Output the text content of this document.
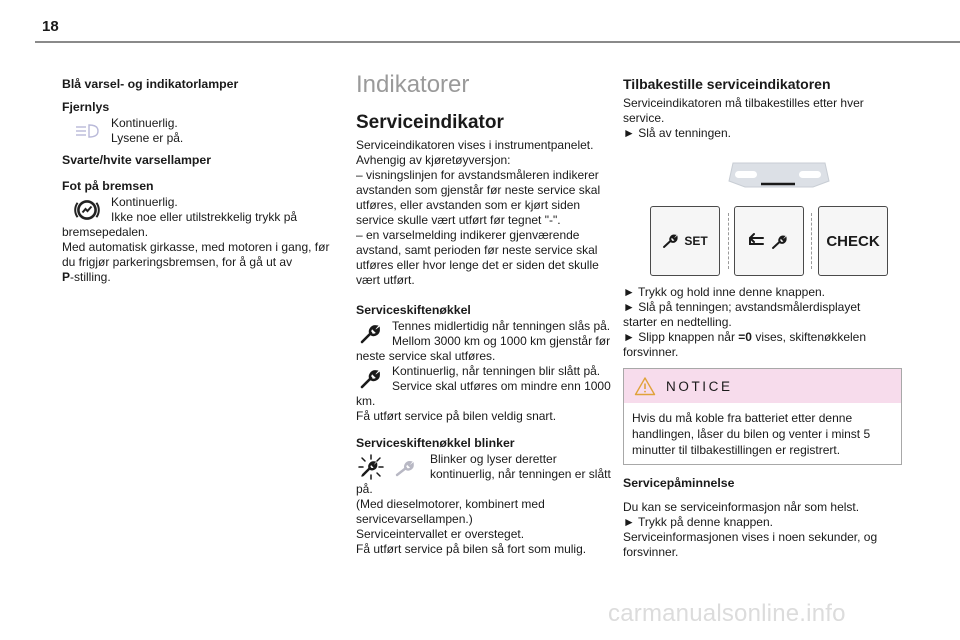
18
Blå varsel- og indikatorlamper
Fjernlys

Kontinuerlig.

Lysene er på.

Svarte/hvite varsellamper
Fot på bremsen

Kontinuerlig.

Ikke noe eller utilstrekkelig trykk på

bremsepedalen.

Med automatisk girkasse, med motoren i gang, før du frigjør parkeringsbremsen, for å gå ut av
P-stilling.

Indikatorer
Serviceindikator

Serviceindikatoren vises i instrumentpanelet. Avhengig av kjøretøyversjon:

– visningslinjen for avstandsmåleren indikerer avstanden som gjenstår før neste service skal utføres, eller avstanden som er kjørt siden service skulle vært utført før tegnet "-".

– en varselmelding indikerer gjenværende avstand, samt perioden før neste service skal utføres eller hvor lenge det er siden det skulle vært utført.

Serviceskiftenøkkel

Tennes midlertidig når tenningen slås på. Mellom 3000 km og 1000 km gjenstår før neste service skal utføres.

Kontinuerlig, når tenningen blir slått på. Service skal utføres om mindre enn 1000 km.

Få utført service på bilen veldig snart.

Serviceskiftenøkkel blinker

Blinker og lyser deretter kontinuerlig, når tenningen er slått på.

(Med dieselmotorer, kombinert med servicevarsellampen.)

Serviceintervallet er oversteget.

Få utført service på bilen så fort som mulig.

Tilbakestille serviceindikatoren

Serviceindikatoren må tilbakestilles etter hver service.

► Slå av tenningen.

SET	CHECK

► Trykk og hold inne denne knappen.

► Slå på tenningen; avstandsmålerdisplayet starter en nedtelling.

► Slipp knappen når =0 vises, skiftenøkkelen forsvinner.

NOTICE
Hvis du må koble fra batteriet etter denne handlingen, låser du bilen og venter i minst 5 minutter til tilbakestillingen er registrert.
Servicepåminnelse

Du kan se serviceinformasjon når som helst.

► Trykk på denne knappen.

Serviceinformasjonen vises i noen sekunder, og forsvinner.

carmanualsonline.info
